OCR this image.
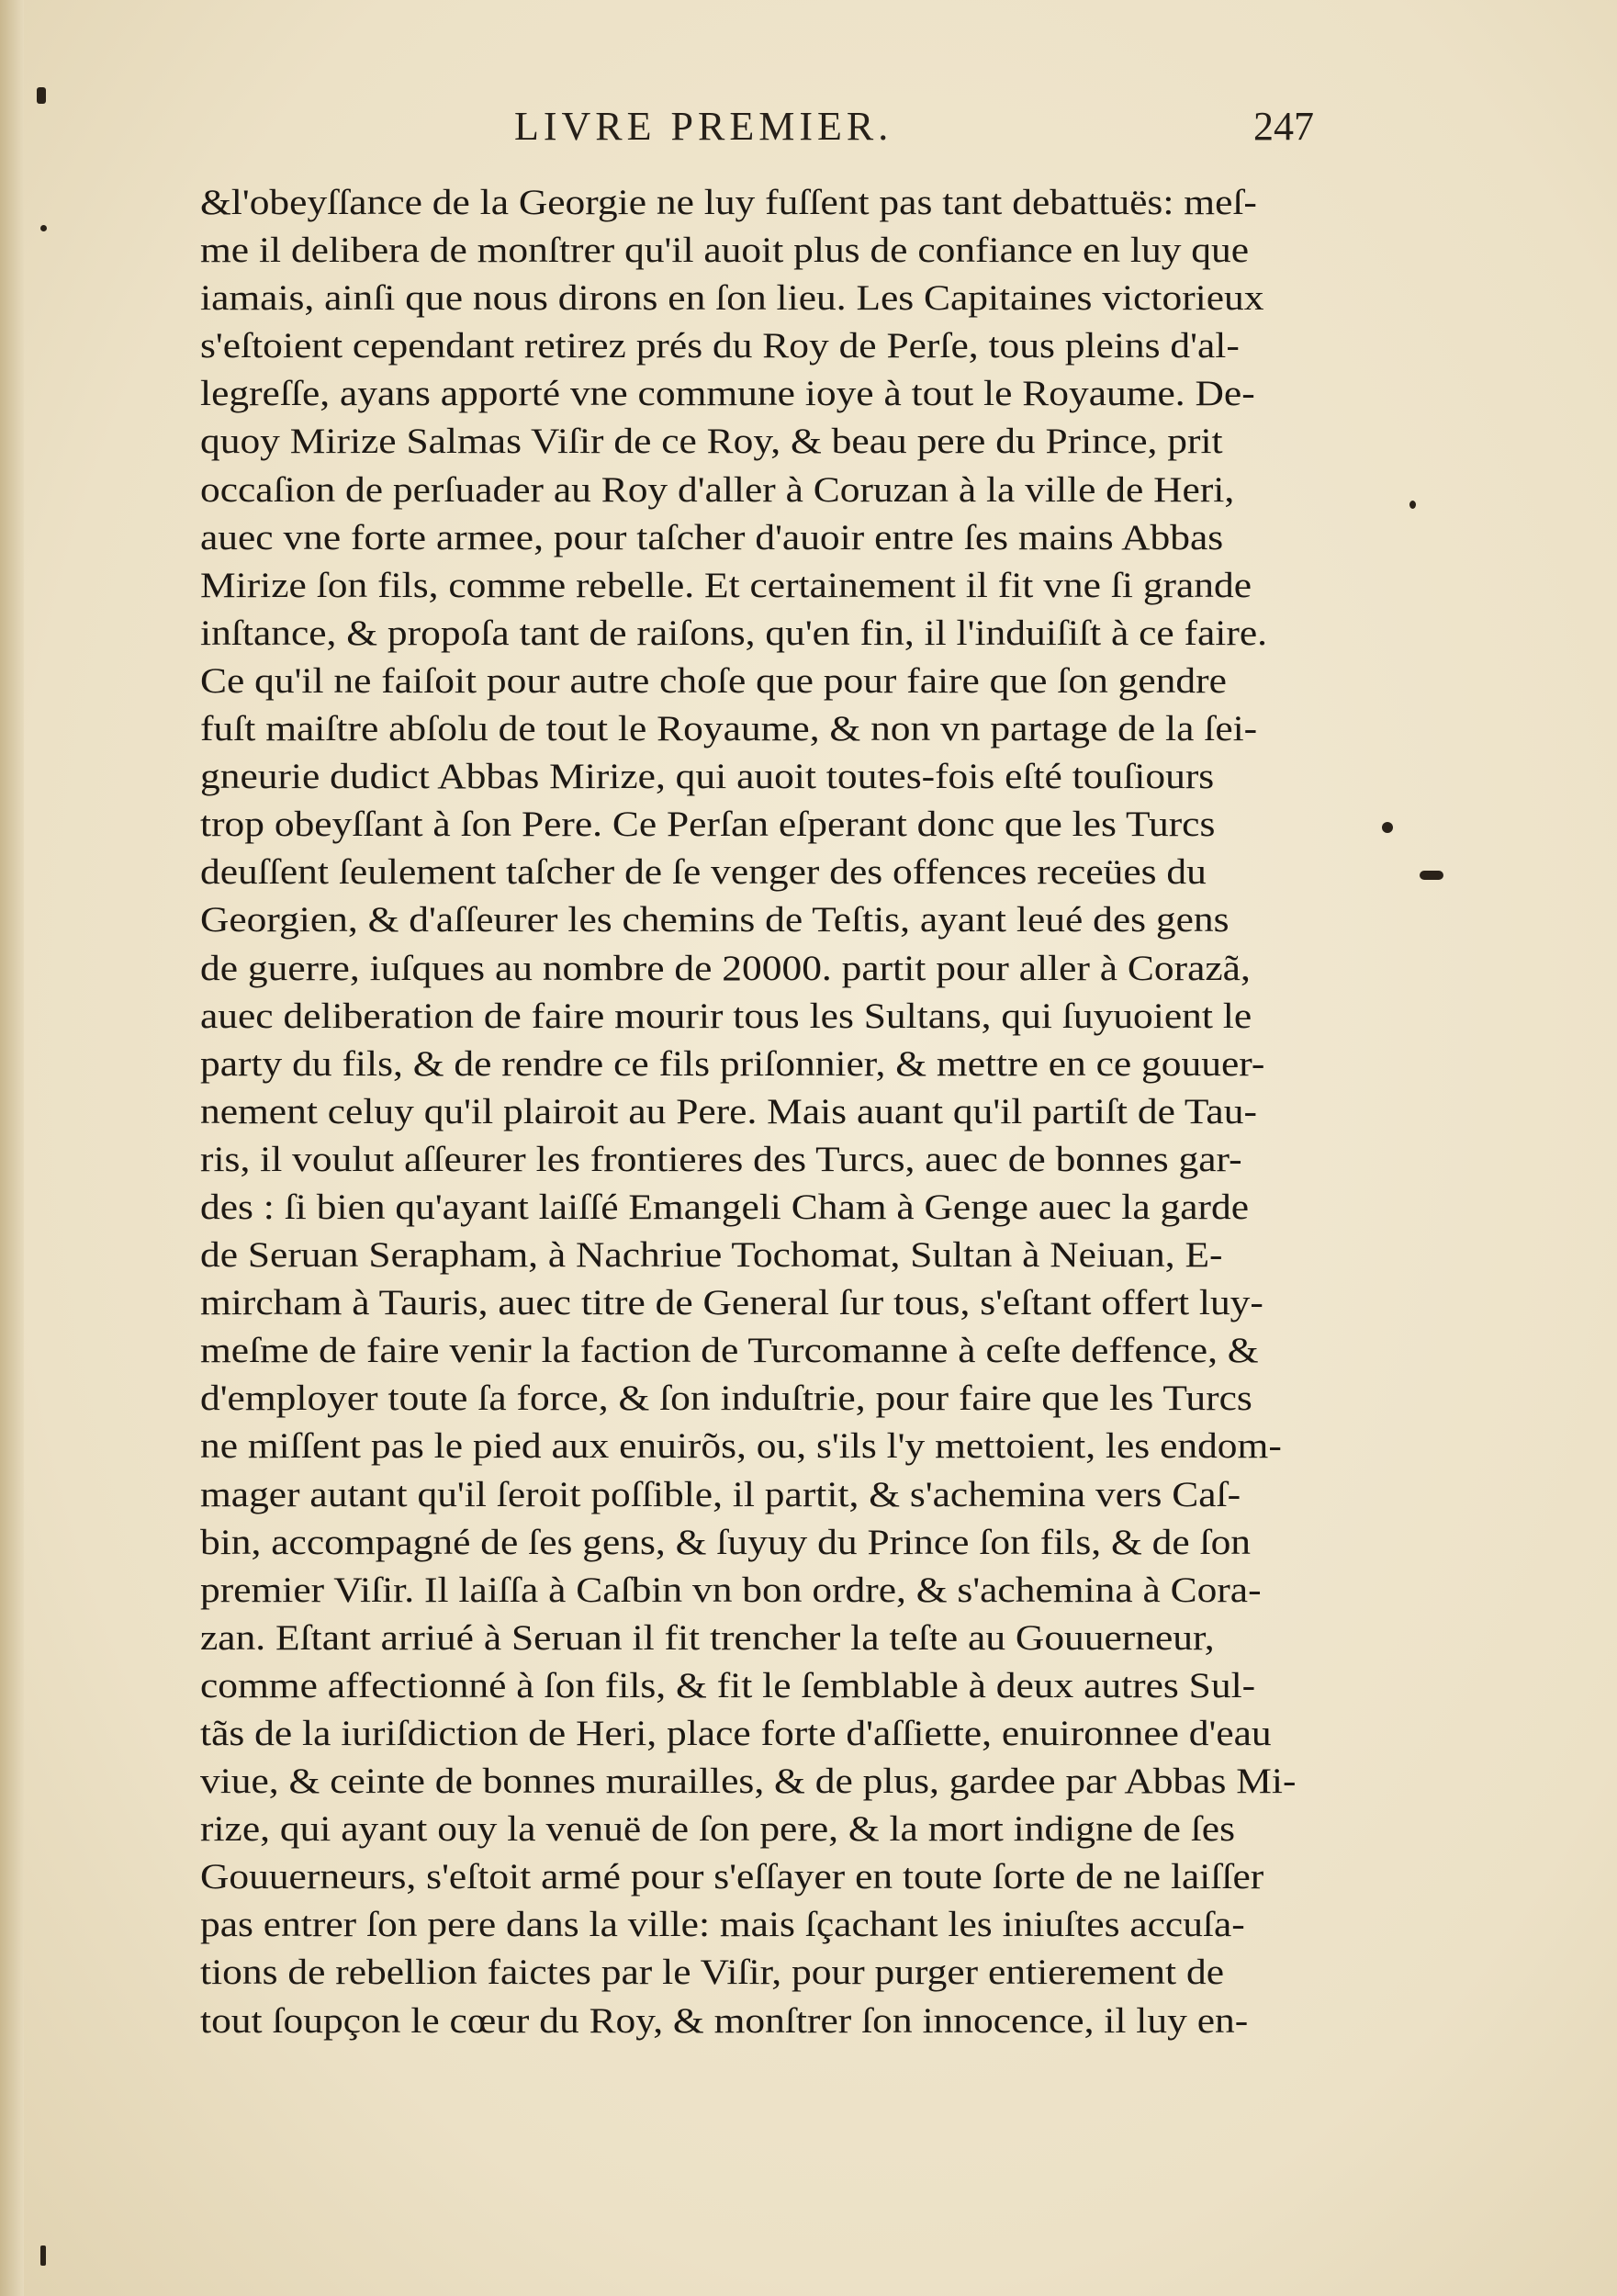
LIVRE PREMIER.	247
&l'obeyſſance de la Georgie ne luy fuſſent pas tant debattuës: meſ-
me il delibera de monſtrer qu'il auoit plus de confiance en luy que
iamais, ainſi que nous dirons en ſon lieu. Les Capitaines victorieux
s'eſtoient cependant retirez prés du Roy de Perſe, tous pleins d'al-
legreſſe, ayans apporté vne commune ioye à tout le Royaume. De-
quoy Mirize Salmas Viſir de ce Roy, & beau pere du Prince, prit
occaſion de perſuader au Roy d'aller à Coruzan à la ville de Heri,
auec vne forte armee, pour taſcher d'auoir entre ſes mains Abbas
Mirize ſon fils, comme rebelle. Et certainement il fit vne ſi grande
inſtance, & propoſa tant de raiſons, qu'en fin, il l'induiſiſt à ce faire.
Ce qu'il ne faiſoit pour autre choſe que pour faire que ſon gendre
fuſt maiſtre abſolu de tout le Royaume, & non vn partage de la ſei-
gneurie dudict Abbas Mirize, qui auoit toutes-fois eſté touſiours
trop obeyſſant à ſon Pere. Ce Perſan eſperant donc que les Turcs
deuſſent ſeulement taſcher de ſe venger des offences receües du
Georgien, & d'aſſeurer les chemins de Teſtis, ayant leué des gens
de guerre, iuſques au nombre de 20000. partit pour aller à Corazã,
auec deliberation de faire mourir tous les Sultans, qui ſuyuoient le
party du fils, & de rendre ce fils priſonnier, & mettre en ce gouuer-
nement celuy qu'il plairoit au Pere. Mais auant qu'il partiſt de Tau-
ris, il voulut aſſeurer les frontieres des Turcs, auec de bonnes gar-
des : ſi bien qu'ayant laiſſé Emangeli Cham à Genge auec la garde
de Seruan Serapham, à Nachriue Tochomat, Sultan à Neiuan, E-
mircham à Tauris, auec titre de General ſur tous, s'eſtant offert luy-
meſme de faire venir la faction de Turcomanne à ceſte deffence, &
d'employer toute ſa force, & ſon induſtrie, pour faire que les Turcs
ne miſſent pas le pied aux enuirõs, ou, s'ils l'y mettoient, les endom-
mager autant qu'il ſeroit poſſible, il partit, & s'achemina vers Caſ-
bin, accompagné de ſes gens, & ſuyuy du Prince ſon fils, & de ſon
premier Viſir. Il laiſſa à Caſbin vn bon ordre, & s'achemina à Cora-
zan. Eſtant arriué à Seruan il fit trencher la teſte au Gouuerneur,
comme affectionné à ſon fils, & fit le ſemblable à deux autres Sul-
tãs de la iuriſdiction de Heri, place forte d'aſſiette, enuironnee d'eau
viue, & ceinte de bonnes murailles, & de plus, gardee par Abbas Mi-
rize, qui ayant ouy la venuë de ſon pere, & la mort indigne de ſes
Gouuerneurs, s'eſtoit armé pour s'eſſayer en toute ſorte de ne laiſſer
pas entrer ſon pere dans la ville: mais ſçachant les iniuſtes accuſa-
tions de rebellion faictes par le Viſir, pour purger entierement de
tout ſoupçon le cœur du Roy, & monſtrer ſon innocence, il luy en-
